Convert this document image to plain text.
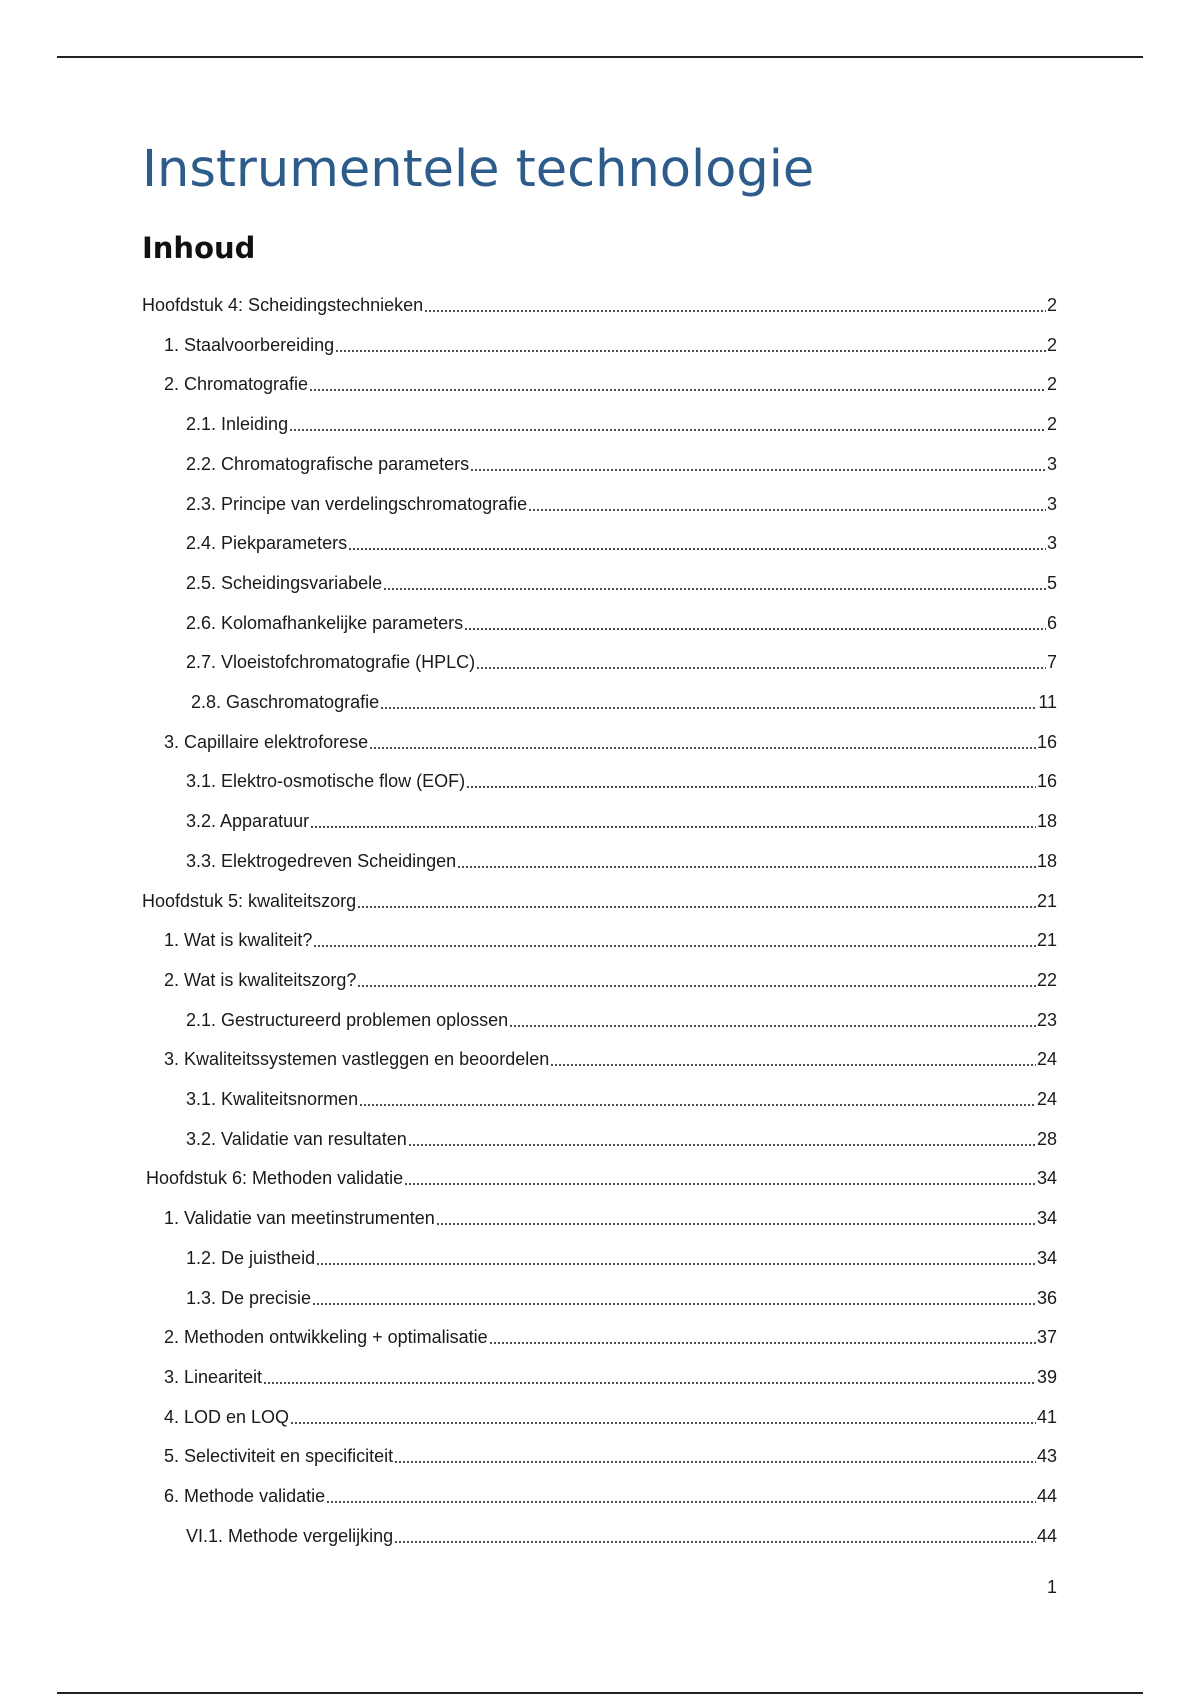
Instrumentele technologie
Inhoud
Hoofdstuk 4: Scheidingstechnieken	2
1. Staalvoorbereiding	2
2. Chromatografie	2
2.1. Inleiding	2
2.2. Chromatografische parameters	3
2.3. Principe van verdelingschromatografie	3
2.4. Piekparameters	3
2.5. Scheidingsvariabele	5
2.6. Kolomafhankelijke parameters	6
2.7. Vloeistofchromatografie (HPLC)	7
2.8. Gaschromatografie	11
3. Capillaire elektroforese	16
3.1. Elektro-osmotische flow (EOF)	16
3.2. Apparatuur	18
3.3. Elektrogedreven Scheidingen	18
Hoofdstuk 5: kwaliteitszorg	21
1. Wat is kwaliteit?	21
2. Wat is kwaliteitszorg?	22
2.1. Gestructureerd problemen oplossen	23
3. Kwaliteitssystemen vastleggen en beoordelen	24
3.1. Kwaliteitsnormen	24
3.2. Validatie van resultaten	28
Hoofdstuk 6: Methoden validatie	34
1. Validatie van meetinstrumenten	34
1.2. De juistheid	34
1.3. De precisie	36
2. Methoden ontwikkeling + optimalisatie	37
3. Lineariteit	39
4. LOD en LOQ	41
5. Selectiviteit en specificiteit	43
6. Methode validatie	44
VI.1. Methode vergelijking	44
1
